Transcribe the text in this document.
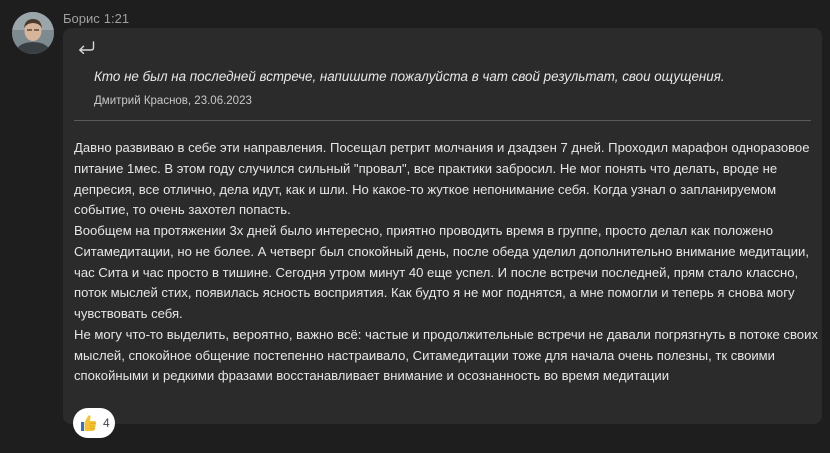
Борис 1:21
Кто не был на последней встрече, напишите пожалуйста в чат свой результат, свои ощущения.
Дмитрий Краснов, 23.06.2023

Давно развиваю в себе эти направления. Посещал ретрит молчания и дзадзен 7 дней. Проходил марафон одноразовое питание 1мес. В этом году случился сильный "провал", все практики забросил. Не мог понять что делать, вроде не депресия, все отлично, дела идут, как и шли. Но какое-то жуткое непонимание себя. Когда узнал о запланируемом событие, то очень захотел попасть.

Вообщем на протяжении 3х дней было интересно, приятно проводить время в группе, просто делал как положено Ситамедитации, но не более. А четверг был спокойный день, после обеда уделил дополнительно внимание медитации, час Сита и час просто в тишине. Сегодня утром минут 40 еще успел. И после встречи последней, прям стало классно, поток мыслей стих, появилась ясность восприятия. Как будто я не мог поднятся, а мне помогли и теперь я снова могу чувствовать себя.

Не могу что-то выделить, вероятно, важно всё: частые и продолжительные встречи не давали погрязгнуть в потоке своих мыслей, спокойное общение постепенно настраивало, Ситамедитации тоже для начала очень полезны, тк своими спокойными и редкими фразами восстанавливает внимание и осознанность во время медитации

4
